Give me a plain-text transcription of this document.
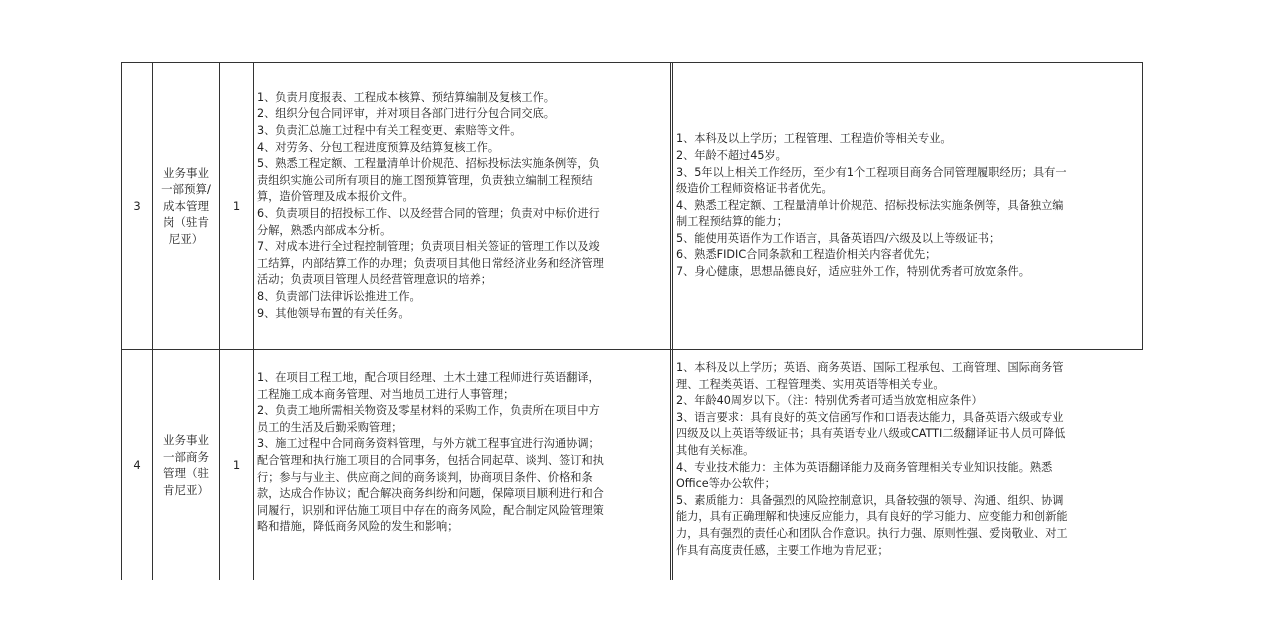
3
业务事业
一部预算/
成本管理
岗（驻肯
尼亚）
1
1、负责月度报表、工程成本核算、预结算编制及复核工作。
2、组织分包合同评审，并对项目各部门进行分包合同交底。
3、负责汇总施工过程中有关工程变更、索赔等文件。
4、对劳务、分包工程进度预算及结算复核工作。
5、熟悉工程定额、工程量清单计价规范、招标投标法实施条例等，负
责组织实施公司所有项目的施工图预算管理，负责独立编制工程预结
算，造价管理及成本报价文件。
6、负责项目的招投标工作、以及经营合同的管理；负责对中标价进行
分解，熟悉内部成本分析。
7、对成本进行全过程控制管理；负责项目相关签证的管理工作以及竣
工结算，内部结算工作的办理；负责项目其他日常经济业务和经济管理
活动；负责项目管理人员经营管理意识的培养；
8、负责部门法律诉讼推进工作。
9、其他领导布置的有关任务。
1、本科及以上学历；工程管理、工程造价等相关专业。
2、年龄不超过45岁。
3、5年以上相关工作经历，至少有1个工程项目商务合同管理履职经历；具有一
级造价工程师资格证书者优先。
4、熟悉工程定额、工程量清单计价规范、招标投标法实施条例等，具备独立编
制工程预结算的能力；
5、能使用英语作为工作语言，具备英语四/六级及以上等级证书；
6、熟悉FIDIC合同条款和工程造价相关内容者优先；
7、身心健康，思想品德良好，适应驻外工作，特别优秀者可放宽条件。
4
业务事业
一部商务
管理（驻
肯尼亚）
1
1、在项目工程工地，配合项目经理、土木土建工程师进行英语翻译，
工程施工成本商务管理、对当地员工进行人事管理；
2、负责工地所需相关物资及零星材料的采购工作，负责所在项目中方
员工的生活及后勤采购管理；
3、施工过程中合同商务资料管理，与外方就工程事宜进行沟通协调；
配合管理和执行施工项目的合同事务，包括合同起草、谈判、签订和执
行；参与与业主、供应商之间的商务谈判，协商项目条件、价格和条
款，达成合作协议；配合解决商务纠纷和问题，保障项目顺利进行和合
同履行，识别和评估施工项目中存在的商务风险，配合制定风险管理策
略和措施，降低商务风险的发生和影响；
1、本科及以上学历；英语、商务英语、国际工程承包、工商管理、国际商务管
理、工程类英语、工程管理类、实用英语等相关专业。
2、年龄40周岁以下。（注：特别优秀者可适当放宽相应条件）
3、语言要求：具有良好的英文信函写作和口语表达能力，具备英语六级或专业
四级及以上英语等级证书；具有英语专业八级或CATTI二级翻译证书人员可降低
其他有关标准。
4、专业技术能力：主体为英语翻译能力及商务管理相关专业知识技能。熟悉
Office等办公软件；
5、素质能力：具备强烈的风险控制意识，具备较强的领导、沟通、组织、协调
能力，具有正确理解和快速反应能力，具有良好的学习能力、应变能力和创新能
力，具有强烈的责任心和团队合作意识。执行力强、原则性强、爱岗敬业、对工
作具有高度责任感，主要工作地为肯尼亚；
